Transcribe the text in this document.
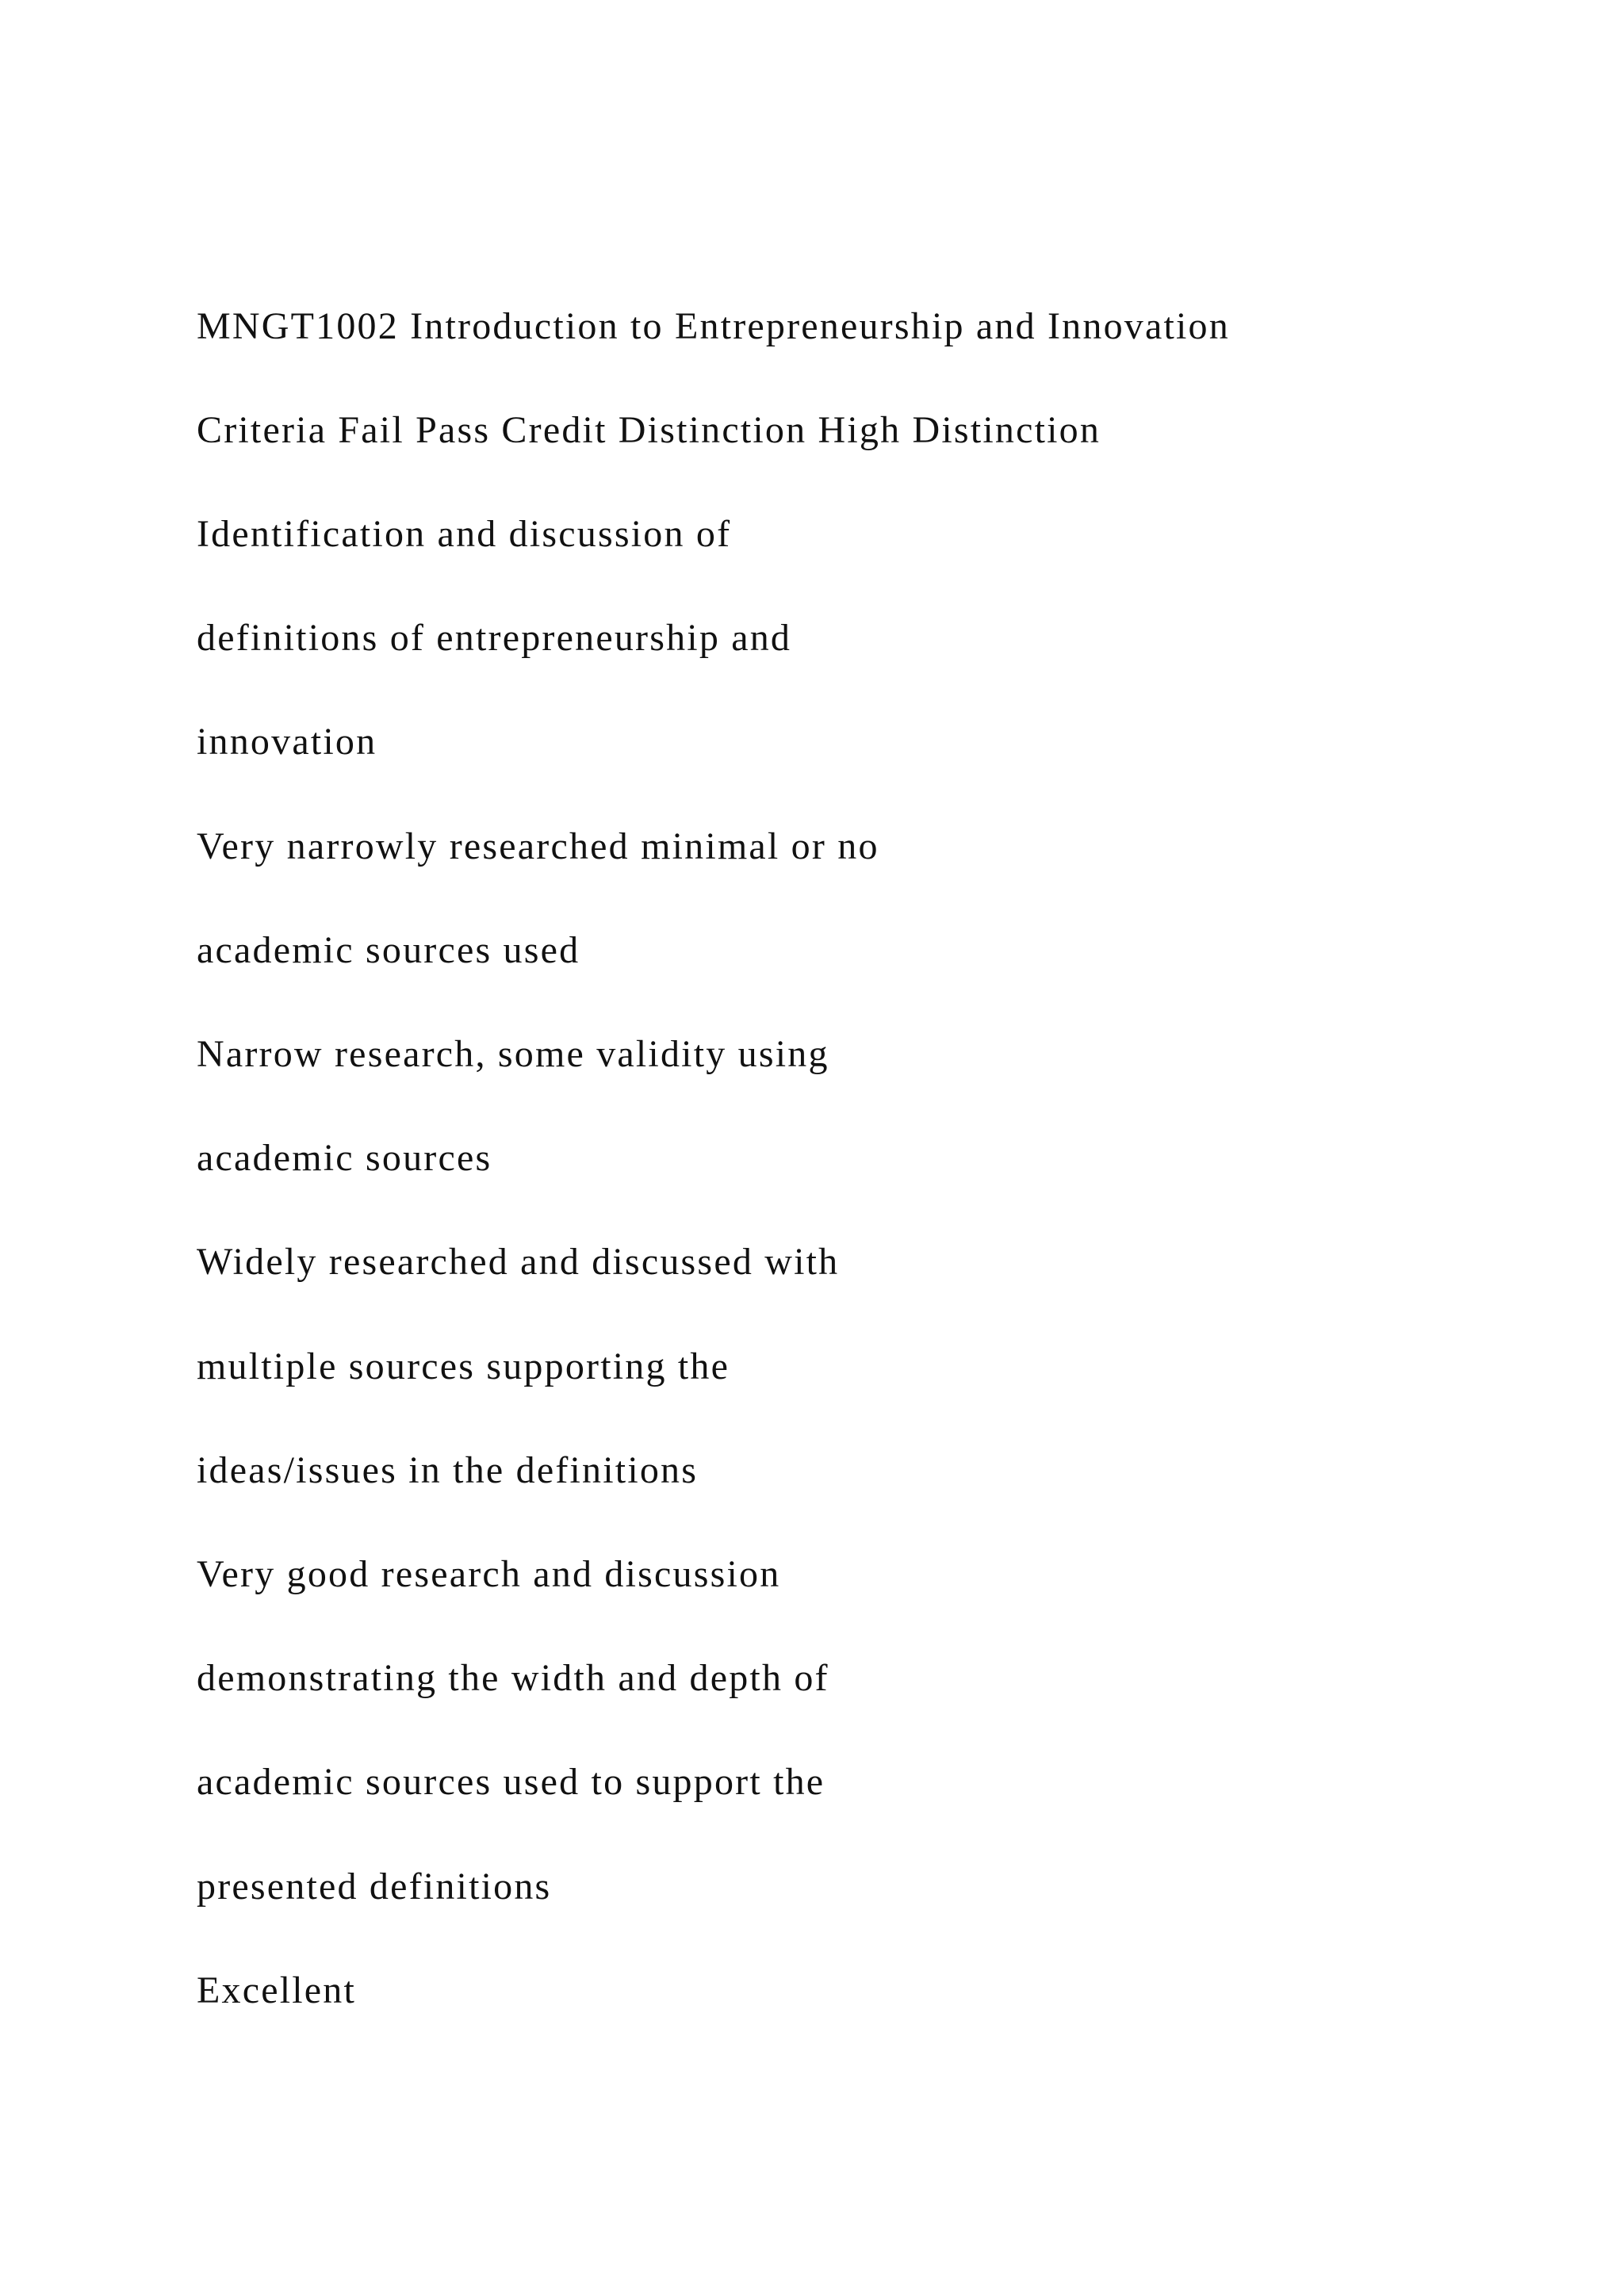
MNGT1002 Introduction to Entrepreneurship and Innovation
Criteria Fail Pass Credit Distinction High Distinction
Identification and discussion of
definitions of entrepreneurship and
innovation
Very narrowly researched minimal or no
academic sources used
Narrow research, some validity using
academic sources
Widely researched and discussed with
multiple sources supporting the
ideas/issues in the definitions
Very good research and discussion
demonstrating the width and depth of
academic sources used to support the
presented definitions
Excellent
